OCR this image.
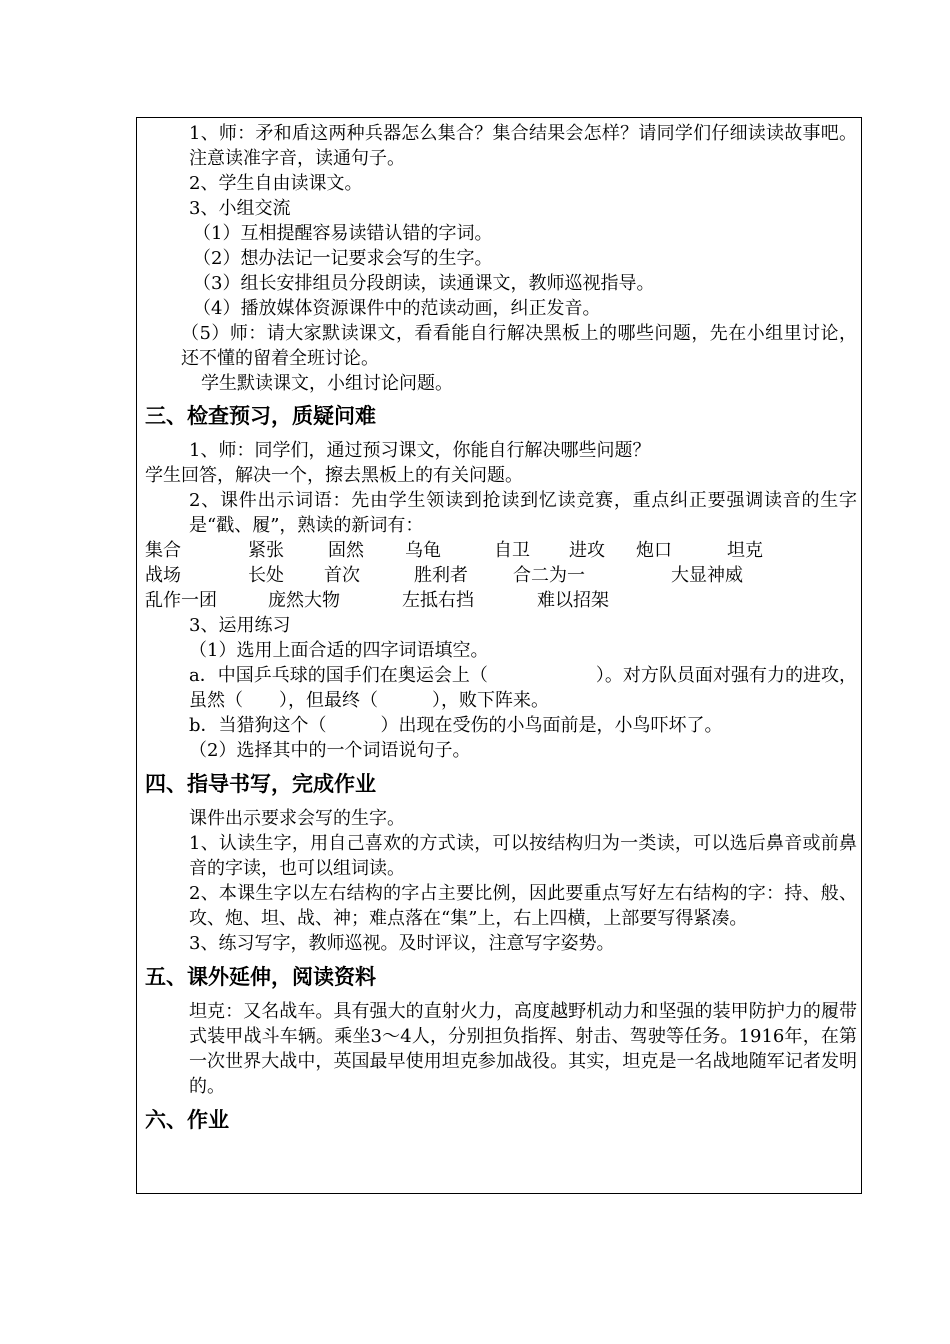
1、师：矛和盾这两种兵器怎么集合？集合结果会怎样？请同学们仔细读读故事吧。注意读准字音，读通句子。
2、学生自由读课文。
3、小组交流
（1）互相提醒容易读错认错的字词。
（2）想办法记一记要求会写的生字。
（3）组长安排组员分段朗读，读通课文，教师巡视指导。
（4）播放媒体资源课件中的范读动画，纠正发音。
（5）师：请大家默读课文，看看能自行解决黑板上的哪些问题，先在小组里讨论，还不懂的留着全班讨论。
学生默读课文，小组讨论问题。
三、检查预习，质疑问难
1、师：同学们，通过预习课文，你能自行解决哪些问题？
学生回答，解决一个，擦去黑板上的有关问题。
2、课件出示词语：先由学生领读到抢读到忆读竞赛，重点纠正要强调读音的生字是“戳、履”，熟读的新词有：
集合	紧张 固然 乌龟	自卫 进攻 炮口	坦克
战场	长处 首次	胜利者	合二为一	大显神威
乱作一团	庞然大物	左抵右挡	难以招架
3、运用练习
（1）选用上面合适的四字词语填空。
a．中国乒乓球的国手们在奥运会上（　　　　　　）。对方队员面对强有力的进攻，虽然（　　），但最终（　　　），败下阵来。
b．当猎狗这个（　　　）出现在受伤的小鸟面前是，小鸟吓坏了。
（2）选择其中的一个词语说句子。
四、指导书写，完成作业
课件出示要求会写的生字。
1、认读生字，用自己喜欢的方式读，可以按结构归为一类读，可以选后鼻音或前鼻音的字读，也可以组词读。
2、本课生字以左右结构的字占主要比例，因此要重点写好左右结构的字：持、般、攻、炮、坦、战、神；难点落在“集”上，右上四横，上部要写得紧凑。
3、练习写字，教师巡视。及时评议，注意写字姿势。
五、课外延伸，阅读资料
坦克：又名战车。具有强大的直射火力，高度越野机动力和坚强的装甲防护力的履带式装甲战斗车辆。乘坐3～4人，分别担负指挥、射击、驾驶等任务。1916年，在第一次世界大战中，英国最早使用坦克参加战役。其实，坦克是一名战地随军记者发明的。
六、作业
